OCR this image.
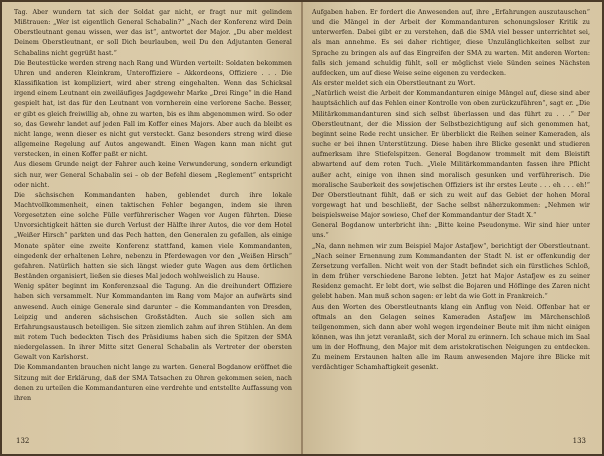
Tag. Aber wundern tat sich der Soldat gar nicht, er fragt nur mit gelindem Mißtrauen: „Wer ist eigentlich General Schabalin?“ „Nach der Konferenz wird Dein Oberstleutnant genau wissen, wer das ist“, antwortet der Major. „Du aber meldest Deinem Oberstleutnant, er soll Dich beurlauben, weil Du den Adjutanten General Schabalins nicht gegrüßt hast.“

Die Beutestücke werden streng nach Rang und Würden verteilt: Soldaten bekommen Uhren und anderen Kleinkram, Unteroffiziere – Akkordeons, Offiziere . . . Die Klassifikation ist kompliziert, wird aber streng eingehalten. Wenn das Schicksal irgend einem Leutnant ein zweiläufiges Jagdgewehr Marke „Drei Ringe“ in die Hand gespielt hat, ist das für den Leutnant von vornherein eine verlorene Sache. Besser, er gibt es gleich freiwillig ab, ohne zu warten, bis es ihm abgenommen wird. So oder so, das Gewehr landet auf jeden Fall im Koffer eines Majors. Aber auch da bleibt es nicht lange, wenn dieser es nicht gut versteckt. Ganz besonders streng wird diese allgemeine Regelung auf Autos angewandt. Einen Wagen kann man nicht gut verstecken, in einen Koffer paßt er nicht.

Aus diesem Grunde neigt der Fahrer auch keine Verwunderung, sondern erkundigt sich nur, wer General Schabalin sei – ob der Befehl diesem „Reglement“ entspricht oder nicht.

Die sächsischen Kommandanten haben, geblendet durch ihre lokale Machtvollkommenheit, einen taktischen Fehler begangen, indem sie ihren Vorgesetzten eine solche Fülle verführerischer Wagen vor Augen führten. Diese Unvorsichtigkeit hätten sie durch Verlust der Hälfte ihrer Autos, die vor dem Hotel „Weißer Hirsch“ parkten und das Pech hatten, den Generalen zu gefallen, als einige Monate später eine zweite Konferenz stattfand, kamen viele Kommandanten, eingedenk der erhaltenen Lehre, nebenzu in Pferdewagen vor den „Weißen Hirsch“ gefahren. Natürlich hatten sie sich längst wieder gute Wagen aus dem örtlichen Beständen organisiert, ließen sie dieses Mal jedoch wohlweislich zu Hause.

Wenig später beginnt im Konferenzsaal die Tagung. An die dreihundert Offiziere haben sich versammelt. Nur Kommandanten im Rang vom Major an aufwärts sind anwesend. Auch einige Generale sind darunter – die Kommandanten von Dresden, Leipzig und anderen sächsischen Großstädten. Auch sie sollen sich am Erfahrungsaustausch beteiligen. Sie sitzen ziemlich zahm auf ihren Stühlen. An dem mit rotem Tuch bedeckten Tisch des Präsidiums haben sich die Spitzen der SMA niedergelassen. In ihrer Mitte sitzt General Schabalin als Vertreter der obersten Gewalt von Karlshorst.

Die Kommandanten brauchen nicht lange zu warten. General Bogdanow eröffnet die Sitzung mit der Erklärung, daß der SMA Tatsachen zu Ohren gekommen seien, nach denen zu urteilen die Kommandanturen eine verdrehte und entstellte Auffassung von ihren

132

Aufgaben haben. Er fordert die Anwesenden auf, ihre „Erfahrungen auszutauschen“ und die Mängel in der Arbeit der Kommandanturen schonungsloser Kritik zu unterwerfen. Dabei gibt er zu verstehen, daß die SMA viel besser unterrichtet sei, als man annehme. Es sei daher richtiger, diese Unzulänglichkeiten selbst zur Sprache zu bringen als auf das Eingreifen der SMA zu warten. Mit anderen Worten: falls sich jemand schuldig fühlt, soll er möglichst viele Sünden seines Nächsten aufdecken, um auf diese Weise seine eigenen zu verdecken.

Als erster meldet sich ein Oberstleutnant zu Wort.

„Natürlich weist die Arbeit der Kommandanturen einige Mängel auf, diese sind aber hauptsächlich auf das Fehlen einer Kontrolle von oben zurückzuführen“, sagt er. „Die Militärkommandanturen sind sich selbst überlassen und das führt zu . . .“ Der Oberstleutnant, der die Mission der Selbstbezichtigung auf sich genommen hat, beginnt seine Rede recht unsicher. Er überblickt die Reihen seiner Kameraden, als suche er bei ihnen Unterstützung. Diese haben ihre Blicke gesenkt und studieren aufmerksam ihre Stiefelspitzen. General Bogdanow trommelt mit dem Bleistift abwartend auf dem roten Tuch. „Viele Militärkommandanten fassen ihre Pflicht außer acht, einige von ihnen sind moralisch gesunken und verführerisch. Die moralische Sauberkeit des sowjetischen Offiziers ist ihr erstes Leute . . . eh . . . eh!“ Der Oberstleutnant fühlt, daß er sich zu weit auf das Gebiet der hohen Moral vorgewagt hat und beschließt, der Sache selbst näherzukommen: „Nehmen wir beispielsweise Major sowieso, Chef der Kommandantur der Stadt X.“

General Bogdanow unterbricht ihn: „Bitte keine Pseudonyme. Wir sind hier unter uns.“

„Na, dann nehmen wir zum Beispiel Major Astafjew“, berichtigt der Oberstleutnant. „Nach seiner Ernennung zum Kommandanten der Stadt N. ist er offenkundig der Zersetzung verfallen. Nicht weit von der Stadt befindet sich ein fürstliches Schloß, in dem früher verschiedene Barone lebten. Jetzt hat Major Astafjew es zu seiner Residenz gemacht. Er lebt dort, wie selbst die Bojaren und Höflinge des Zaren nicht gelebt haben. Man muß schon sagen: er lebt da wie Gott in Frankreich.“

Aus den Worten des Oberstleutnants klang ein Anflug von Neid. Offenbar hat er oftmals an den Gelagen seines Kameraden Astafjew im Märchenschloß teilgenommen, sich dann aber wohl wegen irgendeiner Beute mit ihm nicht einigen können, was ihn jetzt veranlaßt, sich der Moral zu erinnern. Ich schaue mich im Saal um in der Hoffnung, den Major mit dem aristokratischen Neigungen zu entdecken. Zu meinem Erstaunen halten alle im Raum anwesenden Majore ihre Blicke mit verdächtiger Schamhaftigkeit gesenkt.

133
